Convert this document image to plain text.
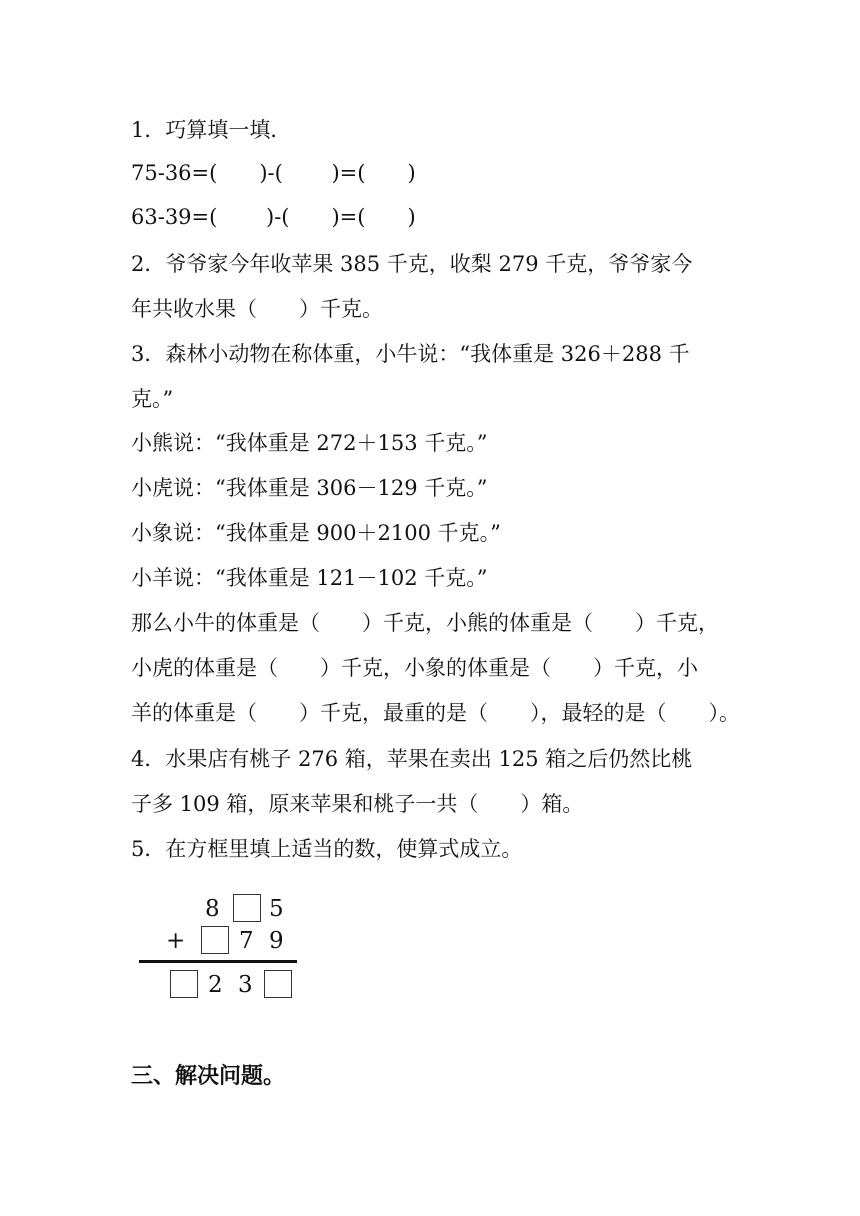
1．巧算填一填．
75-36=(　　)-(　　 )=(　　)
63-39=(　　 )-(　　)=(　　)
2．爷爷家今年收苹果 385 千克，收梨 279 千克，爷爷家今
年共收水果（　　）千克。
3．森林小动物在称体重，小牛说：“我体重是 326＋288 千
克。”
小熊说：“我体重是 272＋153 千克。”
小虎说：“我体重是 306－129 千克。”
小象说：“我体重是 900＋2100 千克。”
小羊说：“我体重是 121－102 千克。”
那么小牛的体重是（　　）千克，小熊的体重是（　　）千克，
小虎的体重是（　　）千克，小象的体重是（　　）千克，小
羊的体重是（　　）千克，最重的是（　　），最轻的是（　　）。
4．水果店有桃子 276 箱，苹果在卖出 125 箱之后仍然比桃
子多 109 箱，原来苹果和桃子一共（　　）箱。
5．在方框里填上适当的数，使算式成立。
8 5
+ 7 9
2 3
三、解决问题。
